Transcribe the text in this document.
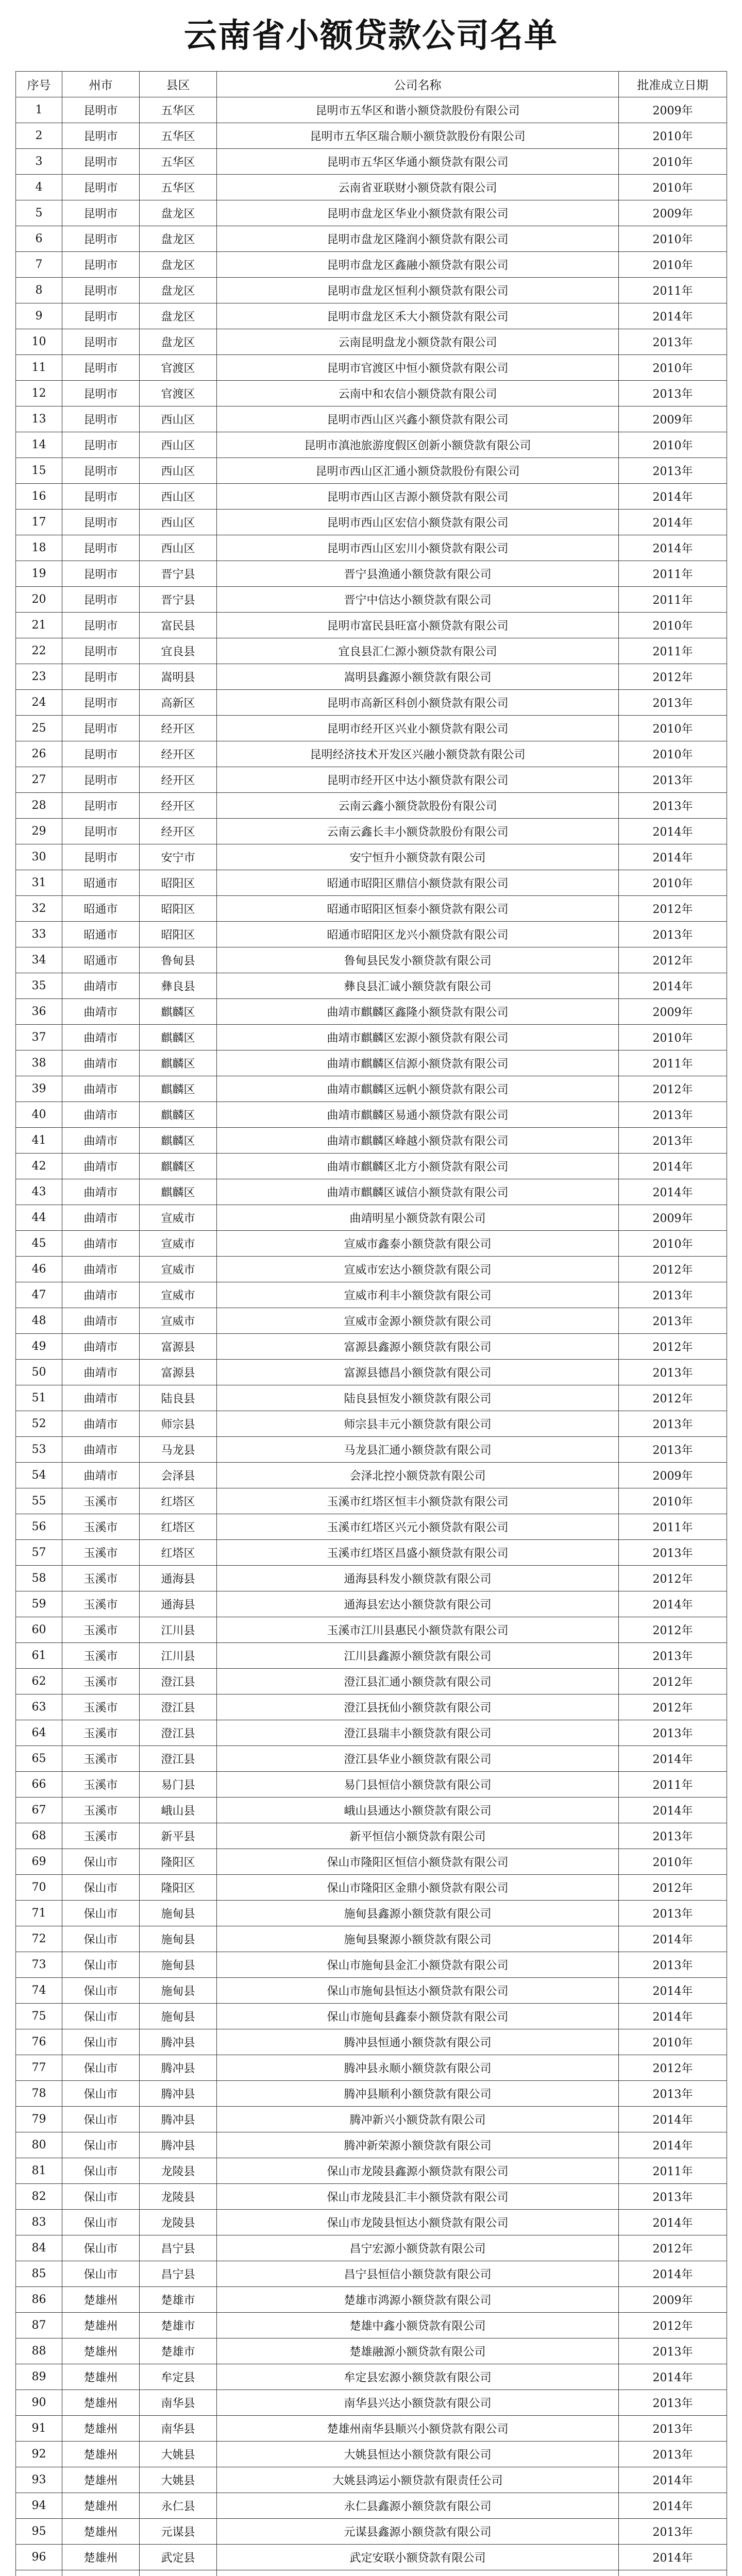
云南省小额贷款公司名单
序号	州市	县区	公司名称	批准成立日期
1	昆明市	五华区	昆明市五华区和谐小额贷款股份有限公司	2009年
2	昆明市	五华区	昆明市五华区瑞合顺小额贷款股份有限公司	2010年
3	昆明市	五华区	昆明市五华区华通小额贷款有限公司	2010年
4	昆明市	五华区	云南省亚联财小额贷款有限公司	2010年
5	昆明市	盘龙区	昆明市盘龙区华业小额贷款有限公司	2009年
6	昆明市	盘龙区	昆明市盘龙区隆润小额贷款有限公司	2010年
7	昆明市	盘龙区	昆明市盘龙区鑫融小额贷款有限公司	2010年
8	昆明市	盘龙区	昆明市盘龙区恒利小额贷款有限公司	2011年
9	昆明市	盘龙区	昆明市盘龙区禾大小额贷款有限公司	2014年
10	昆明市	盘龙区	云南昆明盘龙小额贷款有限公司	2013年
11	昆明市	官渡区	昆明市官渡区中恒小额贷款有限公司	2010年
12	昆明市	官渡区	云南中和农信小额贷款有限公司	2013年
13	昆明市	西山区	昆明市西山区兴鑫小额贷款有限公司	2009年
14	昆明市	西山区	昆明市滇池旅游度假区创新小额贷款有限公司	2010年
15	昆明市	西山区	昆明市西山区汇通小额贷款股份有限公司	2013年
16	昆明市	西山区	昆明市西山区吉源小额贷款有限公司	2014年
17	昆明市	西山区	昆明市西山区宏信小额贷款有限公司	2014年
18	昆明市	西山区	昆明市西山区宏川小额贷款有限公司	2014年
19	昆明市	晋宁县	晋宁县渔通小额贷款有限公司	2011年
20	昆明市	晋宁县	晋宁中信达小额贷款有限公司	2011年
21	昆明市	富民县	昆明市富民县旺富小额贷款有限公司	2010年
22	昆明市	宜良县	宜良县汇仁源小额贷款有限公司	2011年
23	昆明市	嵩明县	嵩明县鑫源小额贷款有限公司	2012年
24	昆明市	高新区	昆明市高新区科创小额贷款有限公司	2013年
25	昆明市	经开区	昆明市经开区兴业小额贷款有限公司	2010年
26	昆明市	经开区	昆明经济技术开发区兴融小额贷款有限公司	2010年
27	昆明市	经开区	昆明市经开区中达小额贷款有限公司	2013年
28	昆明市	经开区	云南云鑫小额贷款股份有限公司	2013年
29	昆明市	经开区	云南云鑫长丰小额贷款股份有限公司	2014年
30	昆明市	安宁市	安宁恒升小额贷款有限公司	2014年
31	昭通市	昭阳区	昭通市昭阳区鼎信小额贷款有限公司	2010年
32	昭通市	昭阳区	昭通市昭阳区恒泰小额贷款有限公司	2012年
33	昭通市	昭阳区	昭通市昭阳区龙兴小额贷款有限公司	2013年
34	昭通市	鲁甸县	鲁甸县民发小额贷款有限公司	2012年
35	曲靖市	彝良县	彝良县汇诚小额贷款有限公司	2014年
36	曲靖市	麒麟区	曲靖市麒麟区鑫隆小额贷款有限公司	2009年
37	曲靖市	麒麟区	曲靖市麒麟区宏源小额贷款有限公司	2010年
38	曲靖市	麒麟区	曲靖市麒麟区信源小额贷款有限公司	2011年
39	曲靖市	麒麟区	曲靖市麒麟区远帆小额贷款有限公司	2012年
40	曲靖市	麒麟区	曲靖市麒麟区易通小额贷款有限公司	2013年
41	曲靖市	麒麟区	曲靖市麒麟区峰越小额贷款有限公司	2013年
42	曲靖市	麒麟区	曲靖市麒麟区北方小额贷款有限公司	2014年
43	曲靖市	麒麟区	曲靖市麒麟区诚信小额贷款有限公司	2014年
44	曲靖市	宣威市	曲靖明星小额贷款有限公司	2009年
45	曲靖市	宣威市	宣威市鑫泰小额贷款有限公司	2010年
46	曲靖市	宣威市	宣威市宏达小额贷款有限公司	2012年
47	曲靖市	宣威市	宣威市利丰小额贷款有限公司	2013年
48	曲靖市	宣威市	宣威市金源小额贷款有限公司	2013年
49	曲靖市	富源县	富源县鑫源小额贷款有限公司	2012年
50	曲靖市	富源县	富源县德昌小额贷款有限公司	2013年
51	曲靖市	陆良县	陆良县恒发小额贷款有限公司	2012年
52	曲靖市	师宗县	师宗县丰元小额贷款有限公司	2013年
53	曲靖市	马龙县	马龙县汇通小额贷款有限公司	2013年
54	曲靖市	会泽县	会泽北控小额贷款有限公司	2009年
55	玉溪市	红塔区	玉溪市红塔区恒丰小额贷款有限公司	2010年
56	玉溪市	红塔区	玉溪市红塔区兴元小额贷款有限公司	2011年
57	玉溪市	红塔区	玉溪市红塔区昌盛小额贷款有限公司	2013年
58	玉溪市	通海县	通海县科发小额贷款有限公司	2012年
59	玉溪市	通海县	通海县宏达小额贷款有限公司	2014年
60	玉溪市	江川县	玉溪市江川县惠民小额贷款有限公司	2012年
61	玉溪市	江川县	江川县鑫源小额贷款有限公司	2013年
62	玉溪市	澄江县	澄江县汇通小额贷款有限公司	2012年
63	玉溪市	澄江县	澄江县抚仙小额贷款有限公司	2012年
64	玉溪市	澄江县	澄江县瑞丰小额贷款有限公司	2013年
65	玉溪市	澄江县	澄江县华业小额贷款有限公司	2014年
66	玉溪市	易门县	易门县恒信小额贷款有限公司	2011年
67	玉溪市	峨山县	峨山县通达小额贷款有限公司	2014年
68	玉溪市	新平县	新平恒信小额贷款有限公司	2013年
69	保山市	隆阳区	保山市隆阳区恒信小额贷款有限公司	2010年
70	保山市	隆阳区	保山市隆阳区金鼎小额贷款有限公司	2012年
71	保山市	施甸县	施甸县鑫源小额贷款有限公司	2013年
72	保山市	施甸县	施甸县聚源小额贷款有限公司	2014年
73	保山市	施甸县	保山市施甸县金汇小额贷款有限公司	2013年
74	保山市	施甸县	保山市施甸县恒达小额贷款有限公司	2014年
75	保山市	施甸县	保山市施甸县鑫泰小额贷款有限公司	2014年
76	保山市	腾冲县	腾冲县恒通小额贷款有限公司	2010年
77	保山市	腾冲县	腾冲县永顺小额贷款有限公司	2012年
78	保山市	腾冲县	腾冲县顺利小额贷款有限公司	2013年
79	保山市	腾冲县	腾冲新兴小额贷款有限公司	2014年
80	保山市	腾冲县	腾冲新荣源小额贷款有限公司	2014年
81	保山市	龙陵县	保山市龙陵县鑫源小额贷款有限公司	2011年
82	保山市	龙陵县	保山市龙陵县汇丰小额贷款有限公司	2013年
83	保山市	龙陵县	保山市龙陵县恒达小额贷款有限公司	2014年
84	保山市	昌宁县	昌宁宏源小额贷款有限公司	2012年
85	保山市	昌宁县	昌宁县恒信小额贷款有限公司	2014年
86	楚雄州	楚雄市	楚雄市鸿源小额贷款有限公司	2009年
87	楚雄州	楚雄市	楚雄中鑫小额贷款有限公司	2012年
88	楚雄州	楚雄市	楚雄融源小额贷款有限公司	2013年
89	楚雄州	牟定县	牟定县宏源小额贷款有限公司	2014年
90	楚雄州	南华县	南华县兴达小额贷款有限公司	2013年
91	楚雄州	南华县	楚雄州南华县顺兴小额贷款有限公司	2013年
92	楚雄州	大姚县	大姚县恒达小额贷款有限公司	2013年
93	楚雄州	大姚县	大姚县鸿运小额贷款有限责任公司	2014年
94	楚雄州	永仁县	永仁县鑫源小额贷款有限公司	2014年
95	楚雄州	元谋县	元谋县鑫源小额贷款有限公司	2013年
96	楚雄州	武定县	武定安联小额贷款有限公司	2014年
